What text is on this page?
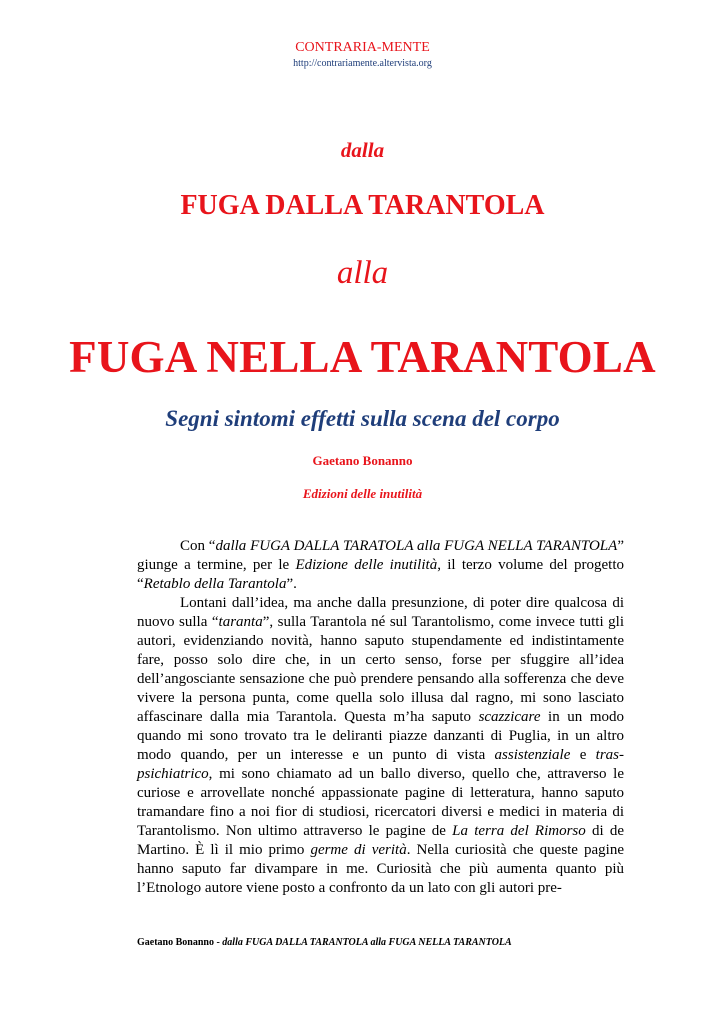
CONTRARIA-MENTE
http://contrariamente.altervista.org
dalla
FUGA DALLA TARANTOLA
alla
FUGA NELLA TARANTOLA
Segni sintomi effetti sulla scena del corpo
Gaetano Bonanno
Edizioni delle inutilità

Con “dalla FUGA DALLA TARATOLA alla FUGA NELLA TARANTOLA” giunge a termine, per le Edizione delle inutilità, il terzo volume del progetto “Retablo della Tarantola”.

Lontani dall’idea, ma anche dalla presunzione, di poter dire qualcosa di nuovo sulla “taranta”, sulla Tarantola né sul Tarantolismo, come invece tutti gli autori, evidenziando novità, hanno saputo stupendamente ed indistintamente fare, posso solo dire che, in un certo senso, forse per sfuggire all’idea dell’angosciante sensazione che può prendere pensando alla sofferenza che deve vivere la persona punta, come quella solo illusa dal ragno, mi sono lasciato affascinare dalla mia Tarantola. Questa m’ha saputo scazzicare in un modo quando mi sono trovato tra le deliranti piazze danzanti di Puglia, in un altro modo quando, per un interesse e un punto di vista assistenziale e tras-psichiatrico, mi sono chiamato ad un ballo diverso, quello che, attraverso le curiose e arrovellate nonché appassionate pagine di letteratura, hanno saputo tramandare fino a noi fior di studiosi, ricercatori diversi e medici in materia di Tarantolismo. Non ultimo attraverso le pagine de La terra del Rimorso di de Martino. È lì il mio primo germe di verità. Nella curiosità che queste pagine hanno saputo far divampare in me. Curiosità che più aumenta quanto più l’Etnologo autore viene posto a confronto da un lato con gli autori pre-

Gaetano Bonanno - dalla FUGA DALLA TARANTOLA alla FUGA NELLA TARANTOLA
